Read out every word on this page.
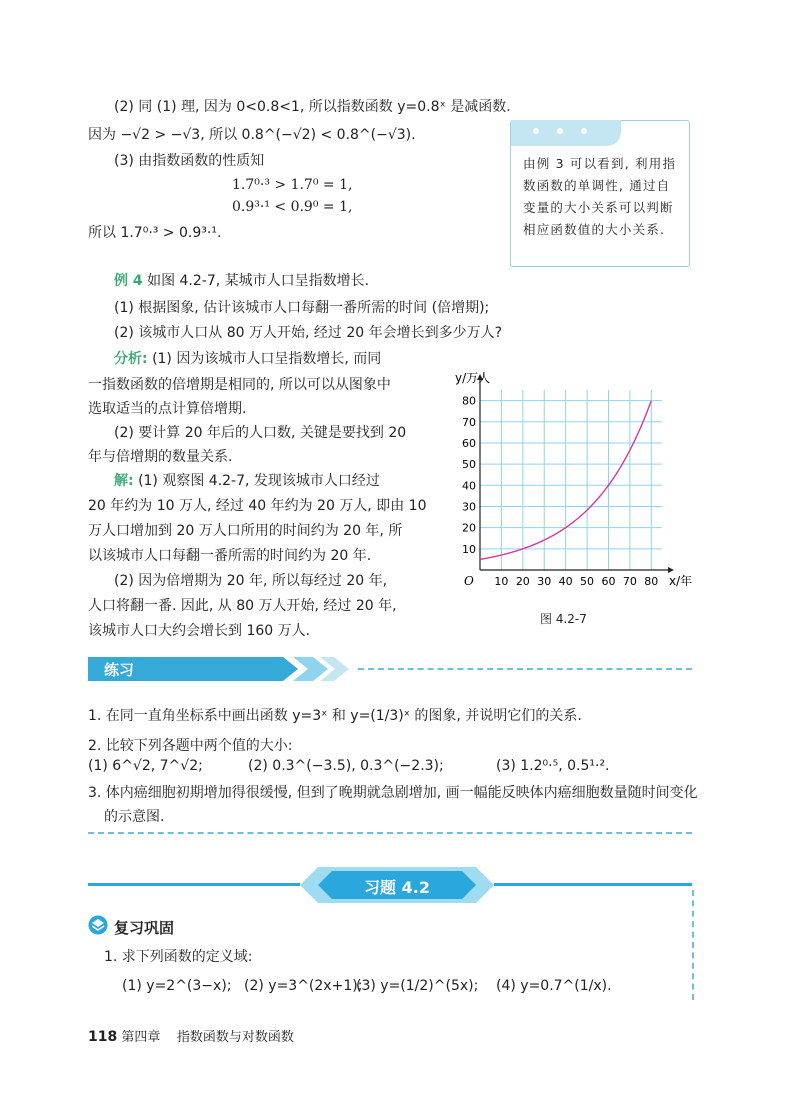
(2) 同 (1) 理, 因为 0<0.8<1, 所以指数函数 y=0.8ˣ 是减函数.
因为 −√2 > −√3, 所以 0.8^(−√2) < 0.8^(−√3).
(3) 由指数函数的性质知
1.7⁰·³ > 1.7⁰ = 1,
0.9³·¹ < 0.9⁰ = 1,
所以 1.7⁰·³ > 0.9³·¹.
由例 3 可以看到, 利用指数函数的单调性, 通过自变量的大小关系可以判断相应函数值的大小关系.
例 4 如图 4.2-7, 某城市人口呈指数增长.
(1) 根据图象, 估计该城市人口每翻一番所需的时间 (倍增期);
(2) 该城市人口从 80 万人开始, 经过 20 年会增长到多少万人?
分析: (1) 因为该城市人口呈指数增长, 而同
一指数函数的倍增期是相同的, 所以可以从图象中
选取适当的点计算倍增期.
(2) 要计算 20 年后的人口数, 关键是要找到 20
年与倍增期的数量关系.
解: (1) 观察图 4.2-7, 发现该城市人口经过
20 年约为 10 万人, 经过 40 年约为 20 万人, 即由 10
万人口增加到 20 万人口所用的时间约为 20 年, 所
以该城市人口每翻一番所需的时间约为 20 年.
(2) 因为倍增期为 20 年, 所以每经过 20 年,
人口将翻一番. 因此, 从 80 万人开始, 经过 20 年,
该城市人口大约会增长到 160 万人.
10 20 30 40 50 60 70 80
10
20
30
40
50
60
70
80
y/万人
x/年
O
图 4.2-7
练习
1. 在同一直角坐标系中画出函数 y=3ˣ 和 y=(1/3)ˣ 的图象, 并说明它们的关系.
2. 比较下列各题中两个值的大小:
(1) 6^√2, 7^√2;	(2) 0.3^(−3.5), 0.3^(−2.3);	(3) 1.2⁰·⁵, 0.5¹·².
3. 体内癌细胞初期增加得很缓慢, 但到了晚期就急剧增加, 画一幅能反映体内癌细胞数量随时间变化
的示意图.
习题 4.2
复习巩固
1. 求下列函数的定义域:
(1) y=2^(3−x); (2) y=3^(2x+1);
(3) y=(1/2)^(5x); (4) y=0.7^(1/x).
118 第四章 指数函数与对数函数
